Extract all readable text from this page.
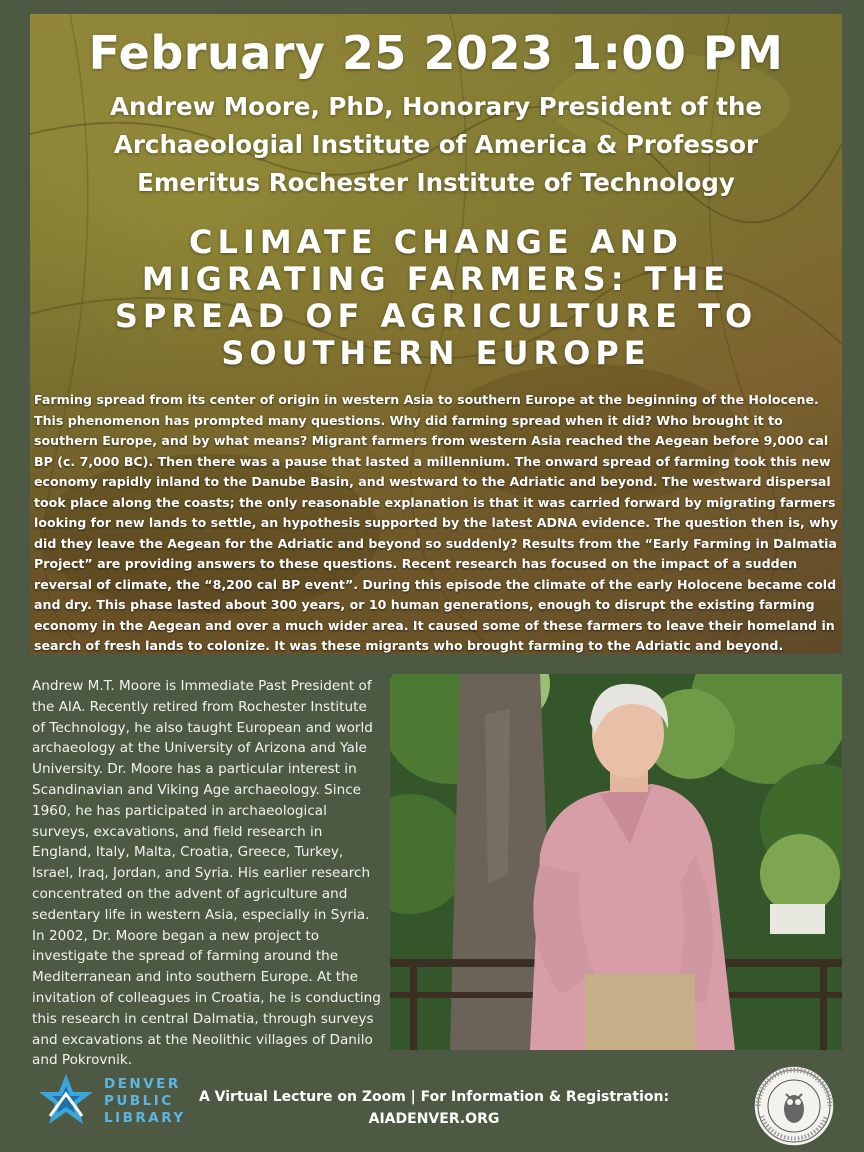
February 25 2023 1:00 PM
Andrew Moore, PhD, Honorary President of the
Archaeologial Institute of America & Professor
Emeritus Rochester Institute of Technology
CLIMATE CHANGE AND
MIGRATING FARMERS: THE
SPREAD OF AGRICULTURE TO
SOUTHERN EUROPE
Farming spread from its center of origin in western Asia to southern Europe at the beginning of the Holocene. This phenomenon has prompted many questions. Why did farming spread when it did? Who brought it to southern Europe, and by what means? Migrant farmers from western Asia reached the Aegean before 9,000 cal BP (c. 7,000 BC). Then there was a pause that lasted a millennium. The onward spread of farming took this new economy rapidly inland to the Danube Basin, and westward to the Adriatic and beyond. The westward dispersal took place along the coasts; the only reasonable explanation is that it was carried forward by migrating farmers looking for new lands to settle, an hypothesis supported by the latest ADNA evidence. The question then is, why did they leave the Aegean for the Adriatic and beyond so suddenly? Results from the “Early Farming in Dalmatia Project” are providing answers to these questions. Recent research has focused on the impact of a sudden reversal of climate, the “8,200 cal BP event”. During this episode the climate of the early Holocene became cold and dry. This phase lasted about 300 years, or 10 human generations, enough to disrupt the existing farming economy in the Aegean and over a much wider area. It caused some of these farmers to leave their homeland in search of fresh lands to colonize. It was these migrants who brought farming to the Adriatic and beyond.
Andrew M.T. Moore is Immediate Past President of the AIA. Recently retired from Rochester Institute of Technology, he also taught European and world archaeology at the University of Arizona and Yale University. Dr. Moore has a particular interest in Scandinavian and Viking Age archaeology. Since 1960, he has participated in archaeological surveys, excavations, and field research in England, Italy, Malta, Croatia, Greece, Turkey, Israel, Iraq, Jordan, and Syria. His earlier research concentrated on the advent of agriculture and sedentary life in western Asia, especially in Syria. In 2002, Dr. Moore began a new project to investigate the spread of farming around the Mediterranean and into southern Europe. At the invitation of colleagues in Croatia, he is conducting this research in central Dalmatia, through surveys and excavations at the Neolithic villages of Danilo and Pokrovnik.
DENVER
PUBLIC
LIBRARY
A Virtual Lecture on Zoom | For Information & Registration:
AIADENVER.ORG
